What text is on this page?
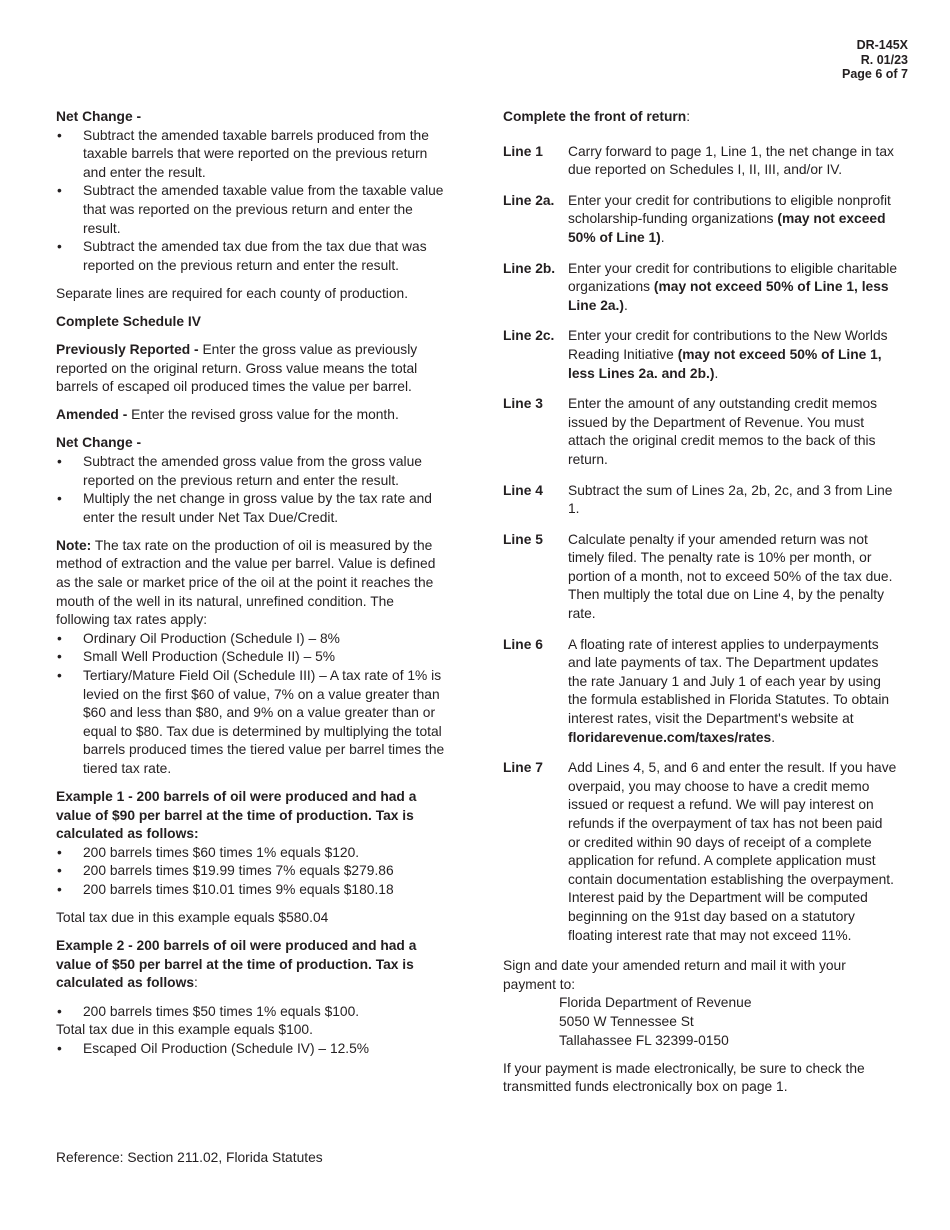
DR-145X
R. 01/23
Page 6 of 7
Net Change -
• Subtract the amended taxable barrels produced from the taxable barrels that were reported on the previous return and enter the result.
• Subtract the amended taxable value from the taxable value that was reported on the previous return and enter the result.
• Subtract the amended tax due from the tax due that was reported on the previous return and enter the result.

Separate lines are required for each county of production.

Complete Schedule IV

Previously Reported - Enter the gross value as previously reported on the original return. Gross value means the total barrels of escaped oil produced times the value per barrel.

Amended - Enter the revised gross value for the month.

Net Change -
• Subtract the amended gross value from the gross value reported on the previous return and enter the result.
• Multiply the net change in gross value by the tax rate and enter the result under Net Tax Due/Credit.
Note: The tax rate on the production of oil is measured by the method of extraction and the value per barrel. Value is defined as the sale or market price of the oil at the point it reaches the mouth of the well in its natural, unrefined condition. The following tax rates apply:
• Ordinary Oil Production (Schedule I) – 8%
• Small Well Production (Schedule II) – 5%
• Tertiary/Mature Field Oil (Schedule III) – A tax rate of 1% is levied on the first $60 of value, 7% on a value greater than $60 and less than $80, and 9% on a value greater than or equal to $80. Tax due is determined by multiplying the total barrels produced times the tiered value per barrel times the tiered tax rate.
Example 1 - 200 barrels of oil were produced and had a value of $90 per barrel at the time of production. Tax is calculated as follows:
• 200 barrels times $60 times 1% equals $120.
• 200 barrels times $19.99 times 7% equals $279.86
• 200 barrels times $10.01 times 9% equals $180.18

Total tax due in this example equals $580.04

Example 2 - 200 barrels of oil were produced and had a value of $50 per barrel at the time of production. Tax is calculated as follows:

• 200 barrels times $50 times 1% equals $100.
Total tax due in this example equals $100.
• Escaped Oil Production (Schedule IV) – 12.5%
Reference: Section 211.02, Florida Statutes

Complete the front of return:

Line 1	Carry forward to page 1, Line 1, the net change in tax due reported on Schedules I, II, III, and/or IV.
Line 2a. Enter your credit for contributions to eligible nonprofit scholarship-funding organizations (may not exceed 50% of Line 1).
Line 2b. Enter your credit for contributions to eligible charitable organizations (may not exceed 50% of Line 1, less Line 2a.).
Line 2c. Enter your credit for contributions to the New Worlds Reading Initiative (may not exceed 50% of Line 1, less Lines 2a. and 2b.).
Line 3	Enter the amount of any outstanding credit memos issued by the Department of Revenue. You must attach the original credit memos to the back of this return.
Line 4	Subtract the sum of Lines 2a, 2b, 2c, and 3 from Line 1.
Line 5	Calculate penalty if your amended return was not timely filed. The penalty rate is 10% per month, or portion of a month, not to exceed 50% of the tax due. Then multiply the total due on Line 4, by the penalty rate.
Line 6	A floating rate of interest applies to underpayments and late payments of tax. The Department updates the rate January 1 and July 1 of each year by using the formula established in Florida Statutes. To obtain interest rates, visit the Department's website at floridarevenue.com/taxes/rates.
Line 7	Add Lines 4, 5, and 6 and enter the result. If you have overpaid, you may choose to have a credit memo issued or request a refund. We will pay interest on refunds if the overpayment of tax has not been paid or credited within 90 days of receipt of a complete application for refund. A complete application must contain documentation establishing the overpayment. Interest paid by the Department will be computed beginning on the 91st day based on a statutory floating interest rate that may not exceed 11%.
Sign and date your amended return and mail it with your payment to:
Florida Department of Revenue
5050 W Tennessee St
Tallahassee FL 32399-0150

If your payment is made electronically, be sure to check the transmitted funds electronically box on page 1.
